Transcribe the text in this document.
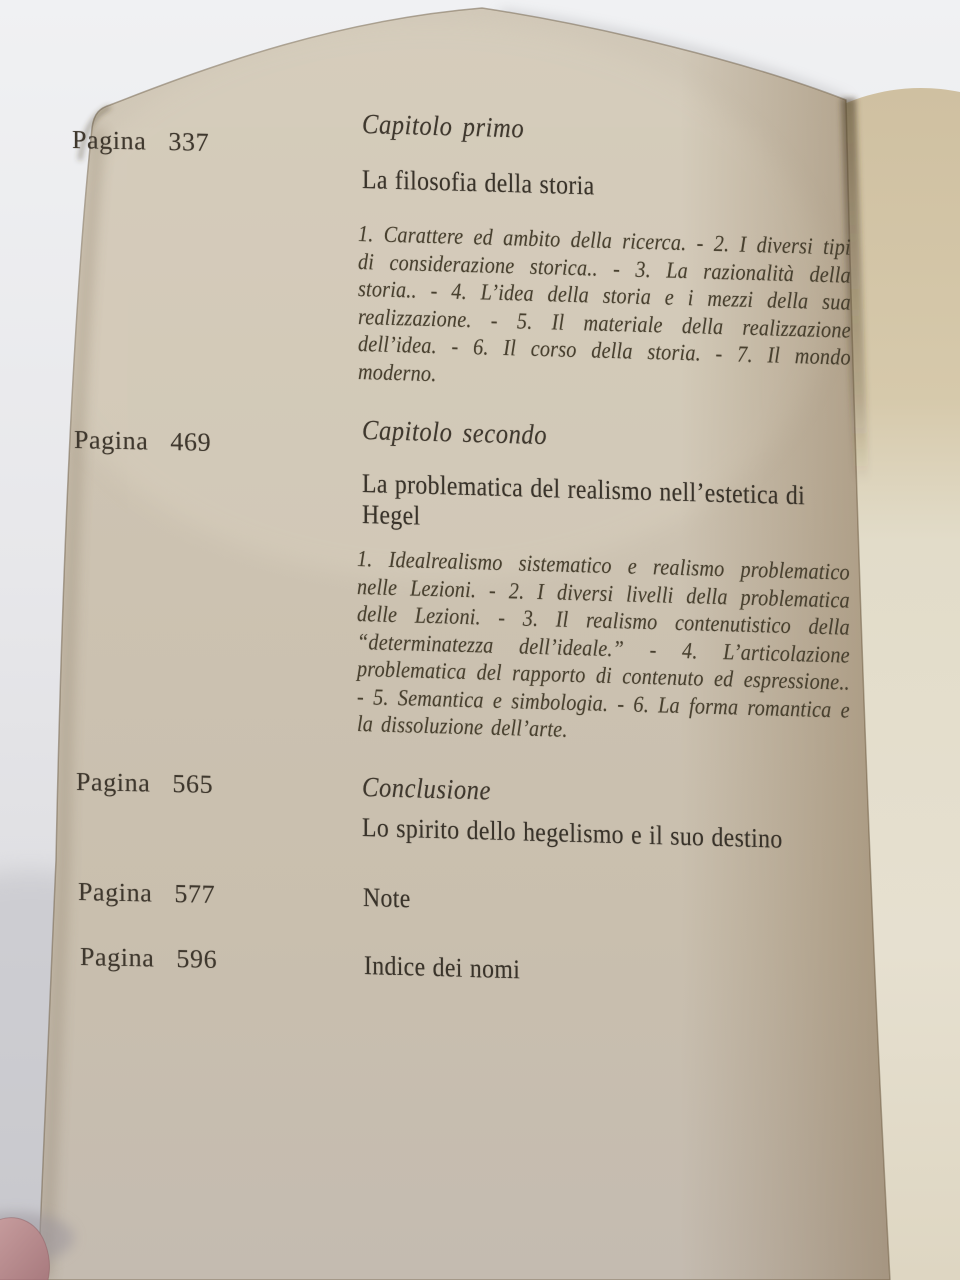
Pagina 337	Capitolo primo
La filosofia della storia
1. Carattere ed ambito della ricerca. - 2. I diversi tipi di considerazione storica.. - 3. La razionalità della storia.. - 4. L’idea della storia e i mezzi della sua realizzazione. - 5. Il materiale della realizzazione dell’idea. - 6. Il corso della storia. - 7. Il mondo moderno.
Pagina 469	Capitolo secondo
La problematica del realismo nell’estetica di Hegel
1. Idealrealismo sistematico e realismo problematico nelle Lezioni. - 2. I diversi livelli della problematica delle Lezioni. - 3. Il realismo contenutistico della “determinatezza dell’ideale.” - 4. L’articolazione problematica del rapporto di contenuto ed espressione.. - 5. Semantica e simbologia. - 6. La forma romantica e la dissoluzione dell’arte.
Pagina 565	Conclusione
Lo spirito dello hegelismo e il suo destino
Pagina 577	Note
Pagina 596	Indice dei nomi
